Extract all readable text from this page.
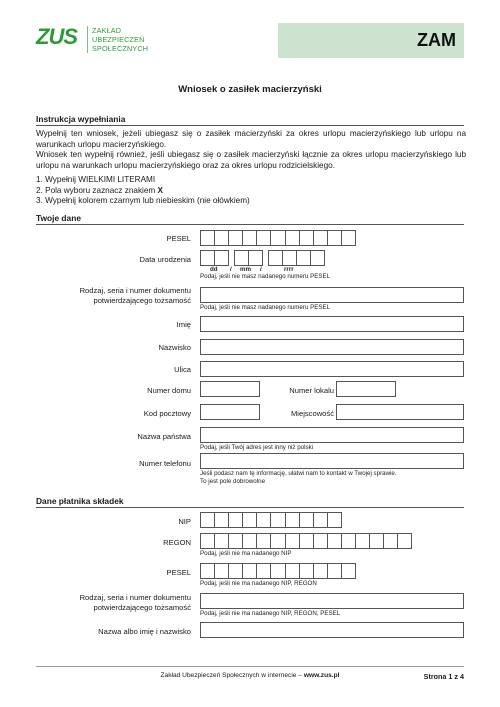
ZUS ZAKŁAD
UBEZPIECZEŃ
SPOŁECZNYCH	ZAM
Wniosek o zasiłek macierzyński
Instrukcja wypełniania
Wypełnij ten wniosek, jeżeli ubiegasz się o zasiłek macierzyński za okres urlopu macierzyńskiego lub urlopu na warunkach urlopu macierzyńskiego.
Wniosek ten wypełnij również, jeśli ubiegasz się o zasiłek macierzyński łącznie za okres urlopu macierzyńskiego lub urlopu na warunkach urlopu macierzyńskiego oraz za okres urlopu rodzicielskiego.
1. Wypełnij WIELKIMI LITERAMI
2. Pola wyboru zaznacz znakiem X
3. Wypełnij kolorem czarnym lub niebieskim (nie ołówkiem)
Twoje dane
PESEL
Data urodzenia
dd / mm /	rrrr
Podaj, jeśli nie masz nadanego numeru PESEL
Rodzaj, seria i numer dokumentu
potwierdzającego tożsamość
Podaj, jeśli nie masz nadanego numeru PESEL
Imię
Nazwisko
Ulica
Numer domu	Numer lokalu
Kod pocztowy	Miejscowość
Nazwa państwa
Podaj, jeśli Twój adres jest inny niż polski
Numer telefonu
Jeśli podasz nam tę informację, ułatwi nam to kontakt w Twojej sprawie.
To jest pole dobrowolne
Dane płatnika składek
NIP
REGON
Podaj, jeśli nie ma nadanego NIP
PESEL
Podaj, jeśli nie ma nadanego NIP, REGON
Rodzaj, seria i numer dokumentu
potwierdzającego tożsamość
Podaj, jeśli nie ma nadanego NIP, REGON, PESEL
Nazwa albo imię i nazwisko
Zakład Ubezpieczeń Społecznych w internecie – www.zus.pl	Strona 1 z 4
